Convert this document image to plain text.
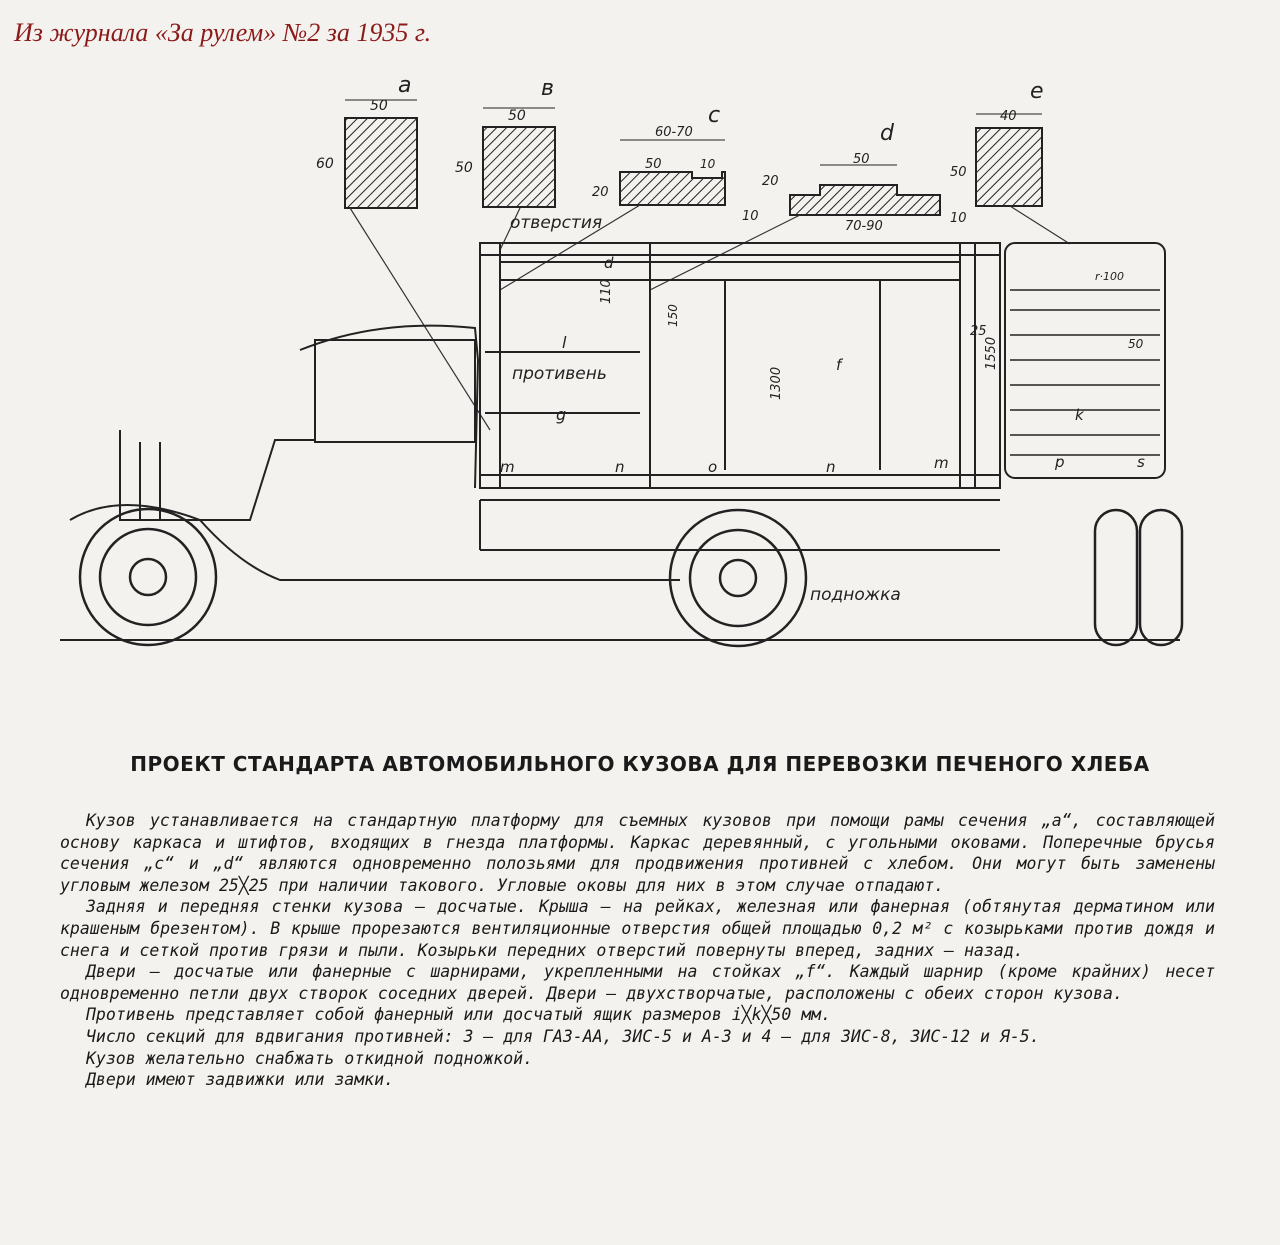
Из журнала «За рулем» №2 за 1935 г.
a
50
60
в
50
50
c
60-70
50	10
20
10
d
50
20
70-90
10
e
40
50
отверстия
противень
подножка
l
g
m	n	o	n	m
d
f
k
p	s
110
150
1300
1550
25
50
r·100
ПРОЕКТ СТАНДАРТА АВТОМОБИЛЬНОГО КУЗОВА ДЛЯ ПЕРЕВОЗКИ ПЕЧЕНОГО ХЛЕБА

Кузов устанавливается на стандартную платформу для съемных кузовов при помощи рамы сечения „а“, составляющей основу каркаса и штифтов, входящих в гнезда платформы. Каркас деревянный, с угольными оковами. Поперечные брусья сечения „с“ и „d“ являются одновременно полозьями для продвижения противней с хлебом. Они могут быть заменены угловым железом 25╳25 при наличии такового. Угловые оковы для них в этом случае отпадают.

Задняя и передняя стенки кузова — досчатые. Крыша — на рейках, железная или фанерная (обтянутая дерматином или крашеным брезентом). В крыше прорезаются вентиляционные отверстия общей площадью 0,2 м² с козырьками против дождя и снега и сеткой против грязи и пыли. Козырьки передних отверстий повернуты вперед, задних — назад.

Двери — досчатые или фанерные с шарнирами, укрепленными на стойках „f“. Каждый шарнир (кроме крайних) несет одновременно петли двух створок соседних дверей. Двери — двухстворчатые, расположены с обеих сторон кузова.

Противень представляет собой фанерный или досчатый ящик размеров i╳k╳50 мм.

Число секций для вдвигания противней: 3 — для ГАЗ-АА, ЗИС-5 и А-3 и 4 — для ЗИС-8, ЗИС-12 и Я-5.

Кузов желательно снабжать откидной подножкой.

Двери имеют задвижки или замки.
